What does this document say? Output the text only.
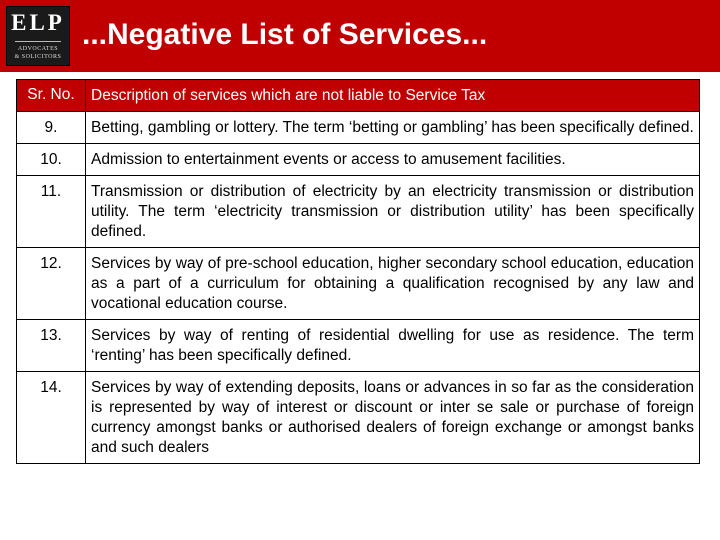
ELP
ADVOCATES
& SOLICITORS
...Negative List of Services...
Sr. No.	Description of services which are not liable to Service Tax
9.	Betting, gambling or lottery. The term ‘betting or gambling’ has been specifically defined.
10.	Admission to entertainment events or access to amusement facilities.
11.	Transmission or distribution of electricity by an electricity transmission or distribution utility. The term ‘electricity transmission or distribution utility’ has been specifically defined.
12.	Services by way of pre-school education, higher secondary school education, education as a part of a curriculum for obtaining a qualification recognised by any law and vocational education course.
13.	Services by way of renting of residential dwelling for use as residence. The term ‘renting’ has been specifically defined.
14.	Services by way of extending deposits, loans or advances in so far as the consideration is represented by way of interest or discount or inter se sale or purchase of foreign currency amongst banks or authorised dealers of foreign exchange or amongst banks and such dealers
